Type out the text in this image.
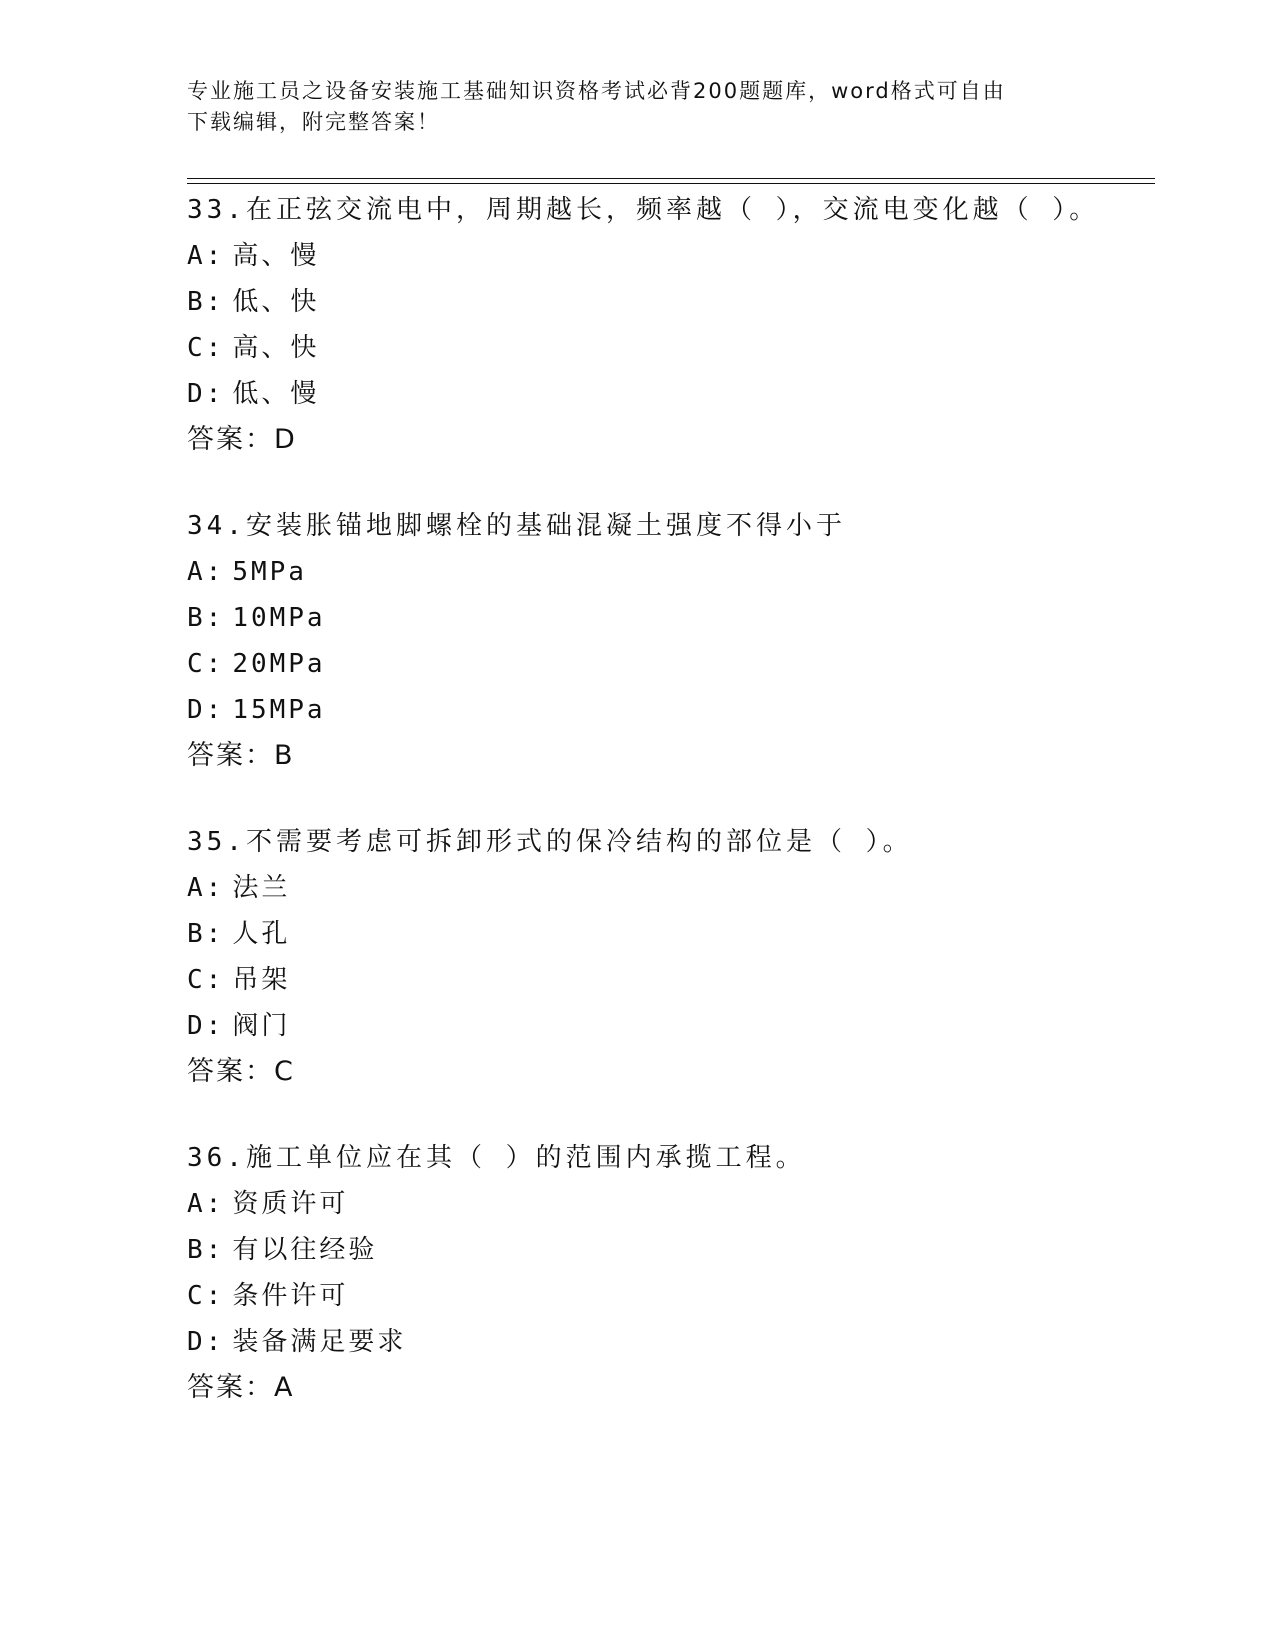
专业施工员之设备安装施工基础知识资格考试必背200题题库，word格式可自由
下载编辑，附完整答案！
33.在正弦交流电中，周期越长，频率越（ ），交流电变化越（ ）。
A: 高、慢
B: 低、快
C: 高、快
D: 低、慢
答案：D
34.安装胀锚地脚螺栓的基础混凝土强度不得小于
A: 5MPa
B: 10MPa
C: 20MPa
D: 15MPa
答案：B
35.不需要考虑可拆卸形式的保冷结构的部位是（ ）。
A: 法兰
B: 人孔
C: 吊架
D: 阀门
答案：C
36.施工单位应在其（ ）的范围内承揽工程。
A: 资质许可
B: 有以往经验
C: 条件许可
D: 装备满足要求
答案：A
